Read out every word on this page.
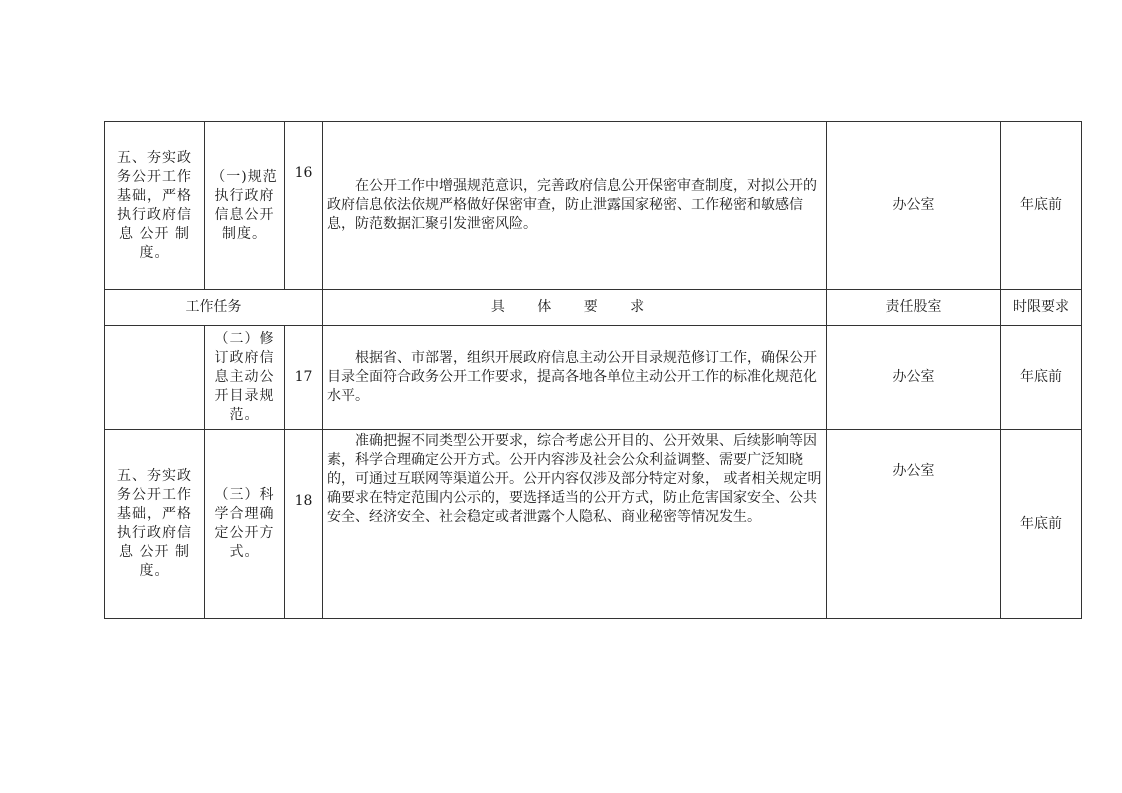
五、夯实政务公开工作基础，严格执行政府信息 公开 制度。	（一)规范执行政府信息公开制度。	16	在公开工作中增强规范意识，完善政府信息公开保密审查制度，对拟公开的政府信息依法依规严格做好保密审查，防止泄露国家秘密、工作秘密和敏感信息，防范数据汇聚引发泄密风险。	办公室	年底前
工作任务			具 体 要 求	责任股室	时限要求
	（二）修订政府信息主动公开目录规范。	17	根据省、市部署，组织开展政府信息主动公开目录规范修订工作，确保公开目录全面符合政务公开工作要求，提高各地各单位主动公开工作的标准化规范化水平。	办公室	年底前
五、夯实政务公开工作基础，严格执行政府信息 公开 制度。	（三）科学合理确定公开方式。	18	准确把握不同类型公开要求，综合考虑公开目的、公开效果、后续影响等因素，科学合理确定公开方式。公开内容涉及社会公众利益调整、需要广泛知晓的，可通过互联网等渠道公开。公开内容仅涉及部分特定对象， 或者相关规定明确要求在特定范围内公示的，要选择适当的公开方式，防止危害国家安全、公共安全、经济安全、社会稳定或者泄露个人隐私、商业秘密等情况发生。	办公室	年底前
